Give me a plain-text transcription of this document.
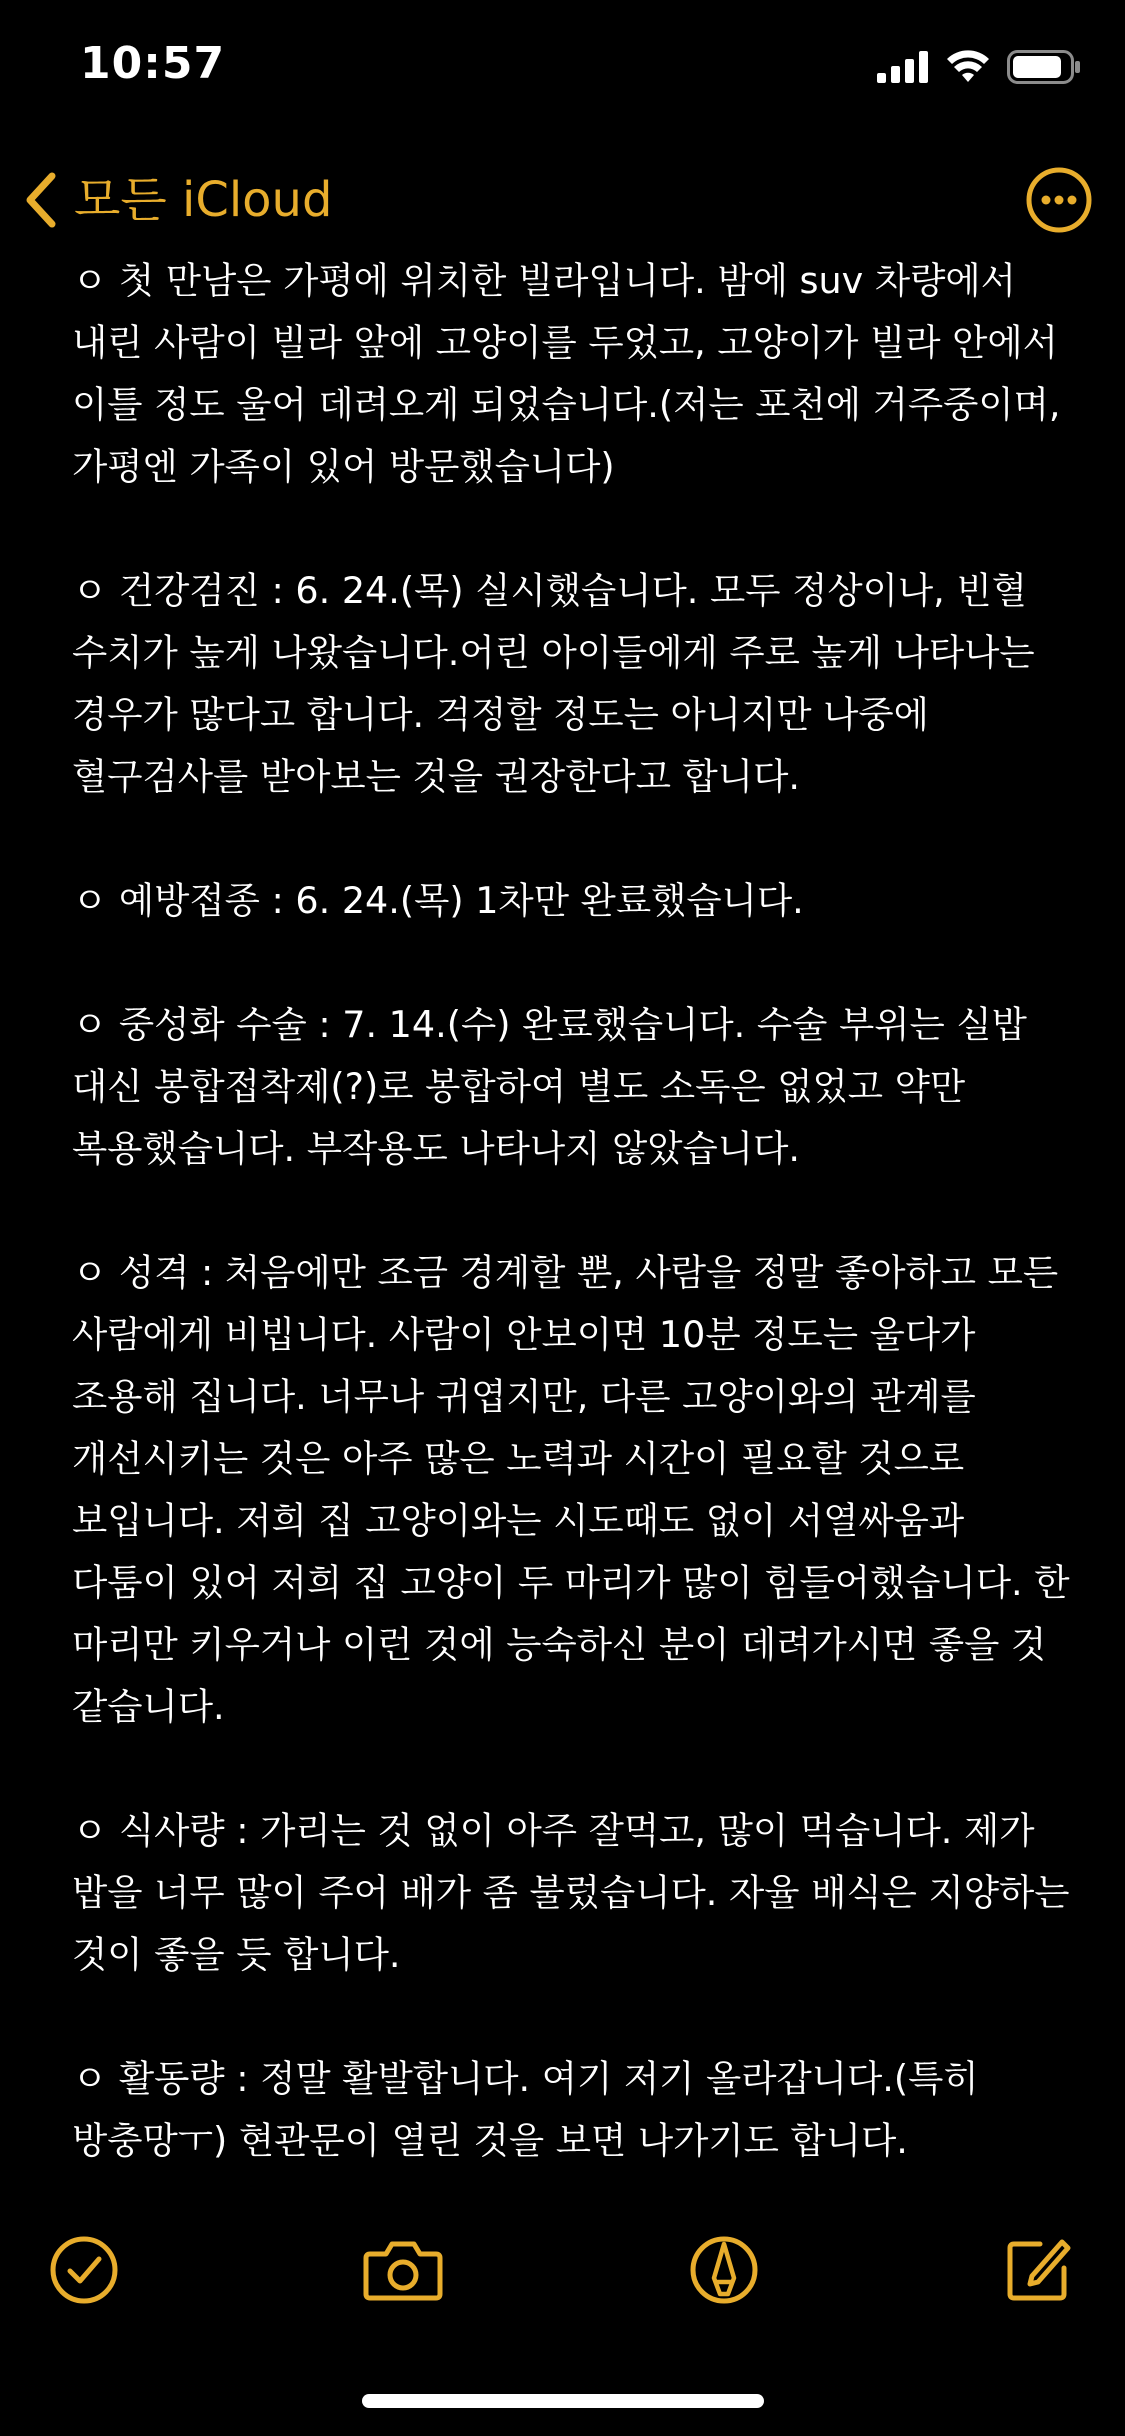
10:57
모든 iCloud

ㅇ 첫 만남은 가평에 위치한 빌라입니다. 밤에 suv 차량에서 내린 사람이 빌라 앞에 고양이를 두었고, 고양이가 빌라 안에서 이틀 정도 울어 데려오게 되었습니다.(저는 포천에 거주중이며, 가평엔 가족이 있어 방문했습니다)

ㅇ 건강검진 : 6. 24.(목) 실시했습니다. 모두 정상이나, 빈혈 수치가 높게 나왔습니다.어린 아이들에게 주로 높게 나타나는 경우가 많다고 합니다. 걱정할 정도는 아니지만 나중에 혈구검사를 받아보는 것을 권장한다고 합니다.

ㅇ 예방접종 : 6. 24.(목) 1차만 완료했습니다.

ㅇ 중성화 수술 : 7. 14.(수) 완료했습니다. 수술 부위는 실밥 대신 봉합접착제(?)로 봉합하여 별도 소독은 없었고 약만 복용했습니다. 부작용도 나타나지 않았습니다.

ㅇ 성격 : 처음에만 조금 경계할 뿐, 사람을 정말 좋아하고 모든 사람에게 비빕니다. 사람이 안보이면 10분 정도는 울다가 조용해 집니다. 너무나 귀엽지만, 다른 고양이와의 관계를 개선시키는 것은 아주 많은 노력과 시간이 필요할 것으로 보입니다. 저희 집 고양이와는 시도때도 없이 서열싸움과 다툼이 있어 저희 집 고양이 두 마리가 많이 힘들어했습니다. 한 마리만 키우거나 이런 것에 능숙하신 분이 데려가시면 좋을 것 같습니다.

ㅇ 식사량 : 가리는 것 없이 아주 잘먹고, 많이 먹습니다. 제가 밥을 너무 많이 주어 배가 좀 불렀습니다. 자율 배식은 지양하는 것이 좋을 듯 합니다.

ㅇ 활동량 : 정말 활발합니다. 여기 저기 올라갑니다.(특히 방충망ㅜ) 현관문이 열린 것을 보면 나가기도 합니다.
